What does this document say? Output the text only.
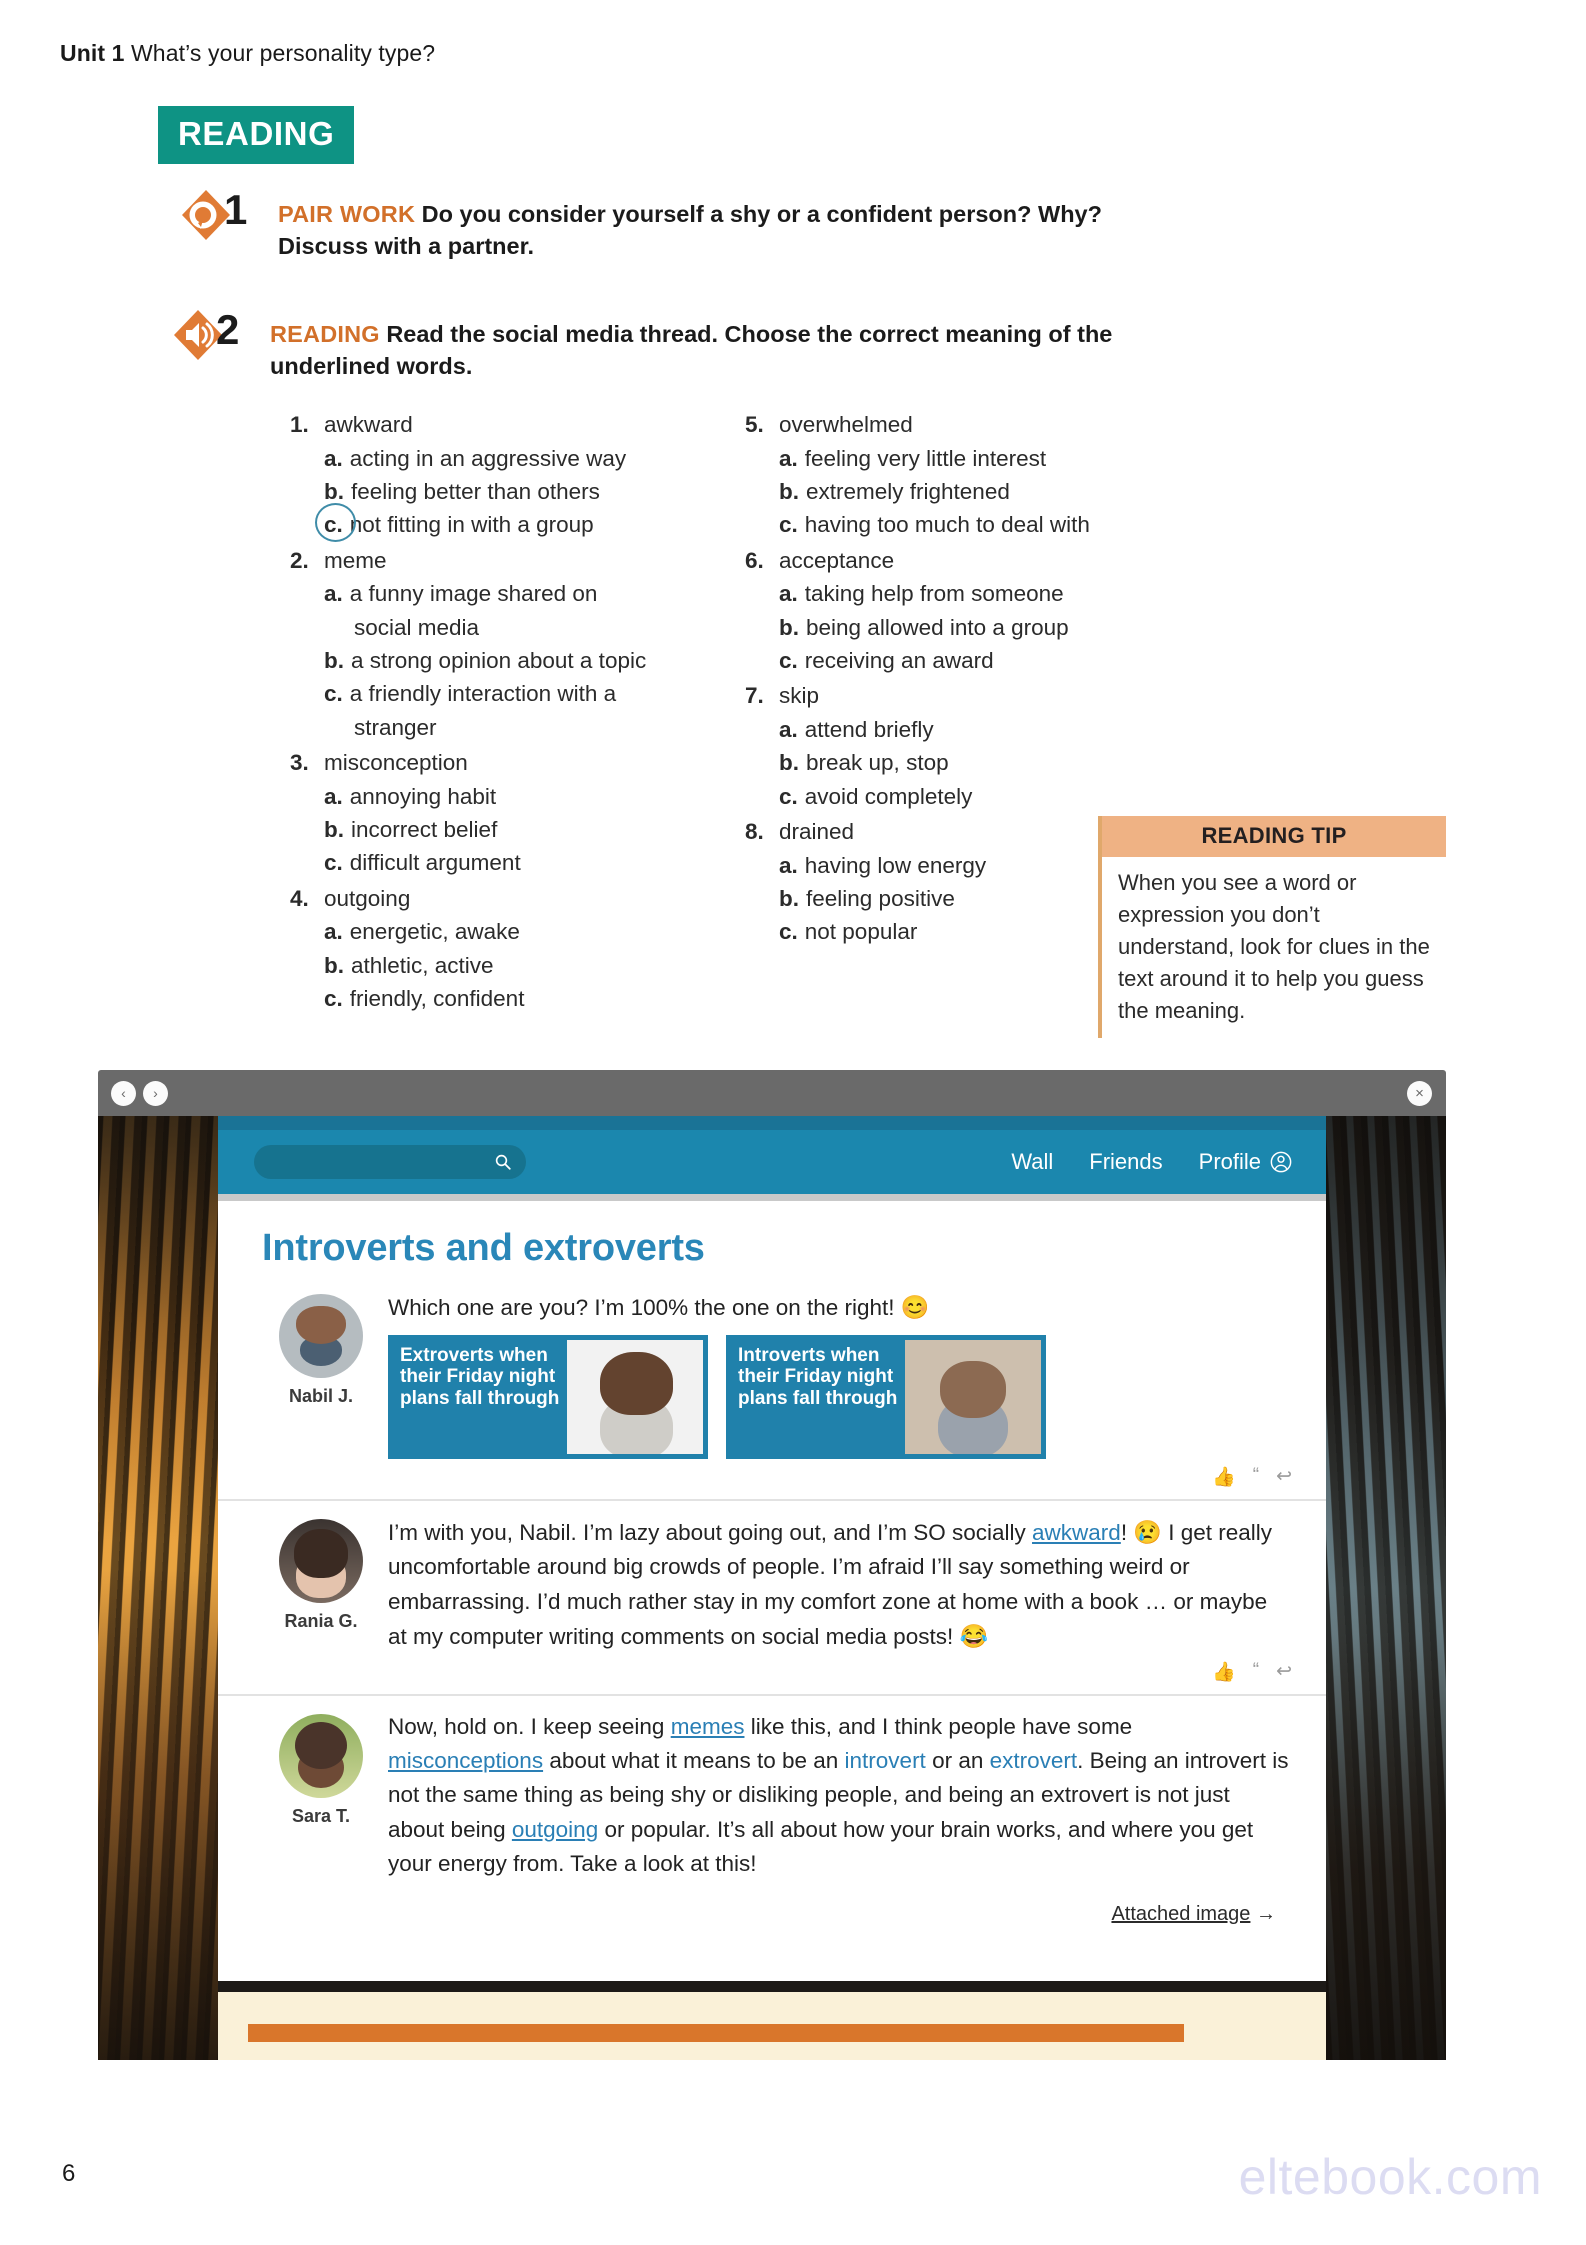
Unit 1 What’s your personality type?
READING
1 PAIR WORK Do you consider yourself a shy or a confident person? Why? Discuss with a partner.
2 READING Read the social media thread. Choose the correct meaning of the underlined words.
1. awkward
a. acting in an aggressive way
b. feeling better than others
c. not fitting in with a group
2. meme
a. a funny image shared on
social media
b. a strong opinion about a topic
c. a friendly interaction with a
stranger
3. misconception
a. annoying habit
b. incorrect belief
c. difficult argument
4. outgoing
a. energetic, awake
b. athletic, active
c. friendly, confident
5. overwhelmed
a. feeling very little interest
b. extremely frightened
c. having too much to deal with
6. acceptance
a. taking help from someone
b. being allowed into a group
c. receiving an award
7. skip
a. attend briefly
b. break up, stop
c. avoid completely
8. drained
a. having low energy
b. feeling positive
c. not popular
READING TIP
When you see a word or expression you don’t understand, look for clues in the text around it to help you guess the meaning.
‹	›	×
Wall Friends Profile
Introverts and extroverts
Nabil J.
Which one are you? I’m 100% the one on the right! 😊
Extroverts when their Friday night plans fall through
Introverts when their Friday night plans fall through
👍 “ ↩
Rania G.
I’m with you, Nabil. I’m lazy about going out, and I’m SO socially awkward! 😢 I get really uncomfortable around big crowds of people. I’m afraid I’ll say something weird or embarrassing. I’d much rather stay in my comfort zone at home with a book … or maybe at my computer writing comments on social media posts! 😂
👍 “ ↩
Sara T.
Now, hold on. I keep seeing memes like this, and I think people have some misconceptions about what it means to be an introvert or an extrovert. Being an introvert is not the same thing as being shy or disliking people, and being an extrovert is not just about being outgoing or popular. It’s all about how your brain works, and where you get your energy from. Take a look at this!
Attached image →
6	eltebook.com
